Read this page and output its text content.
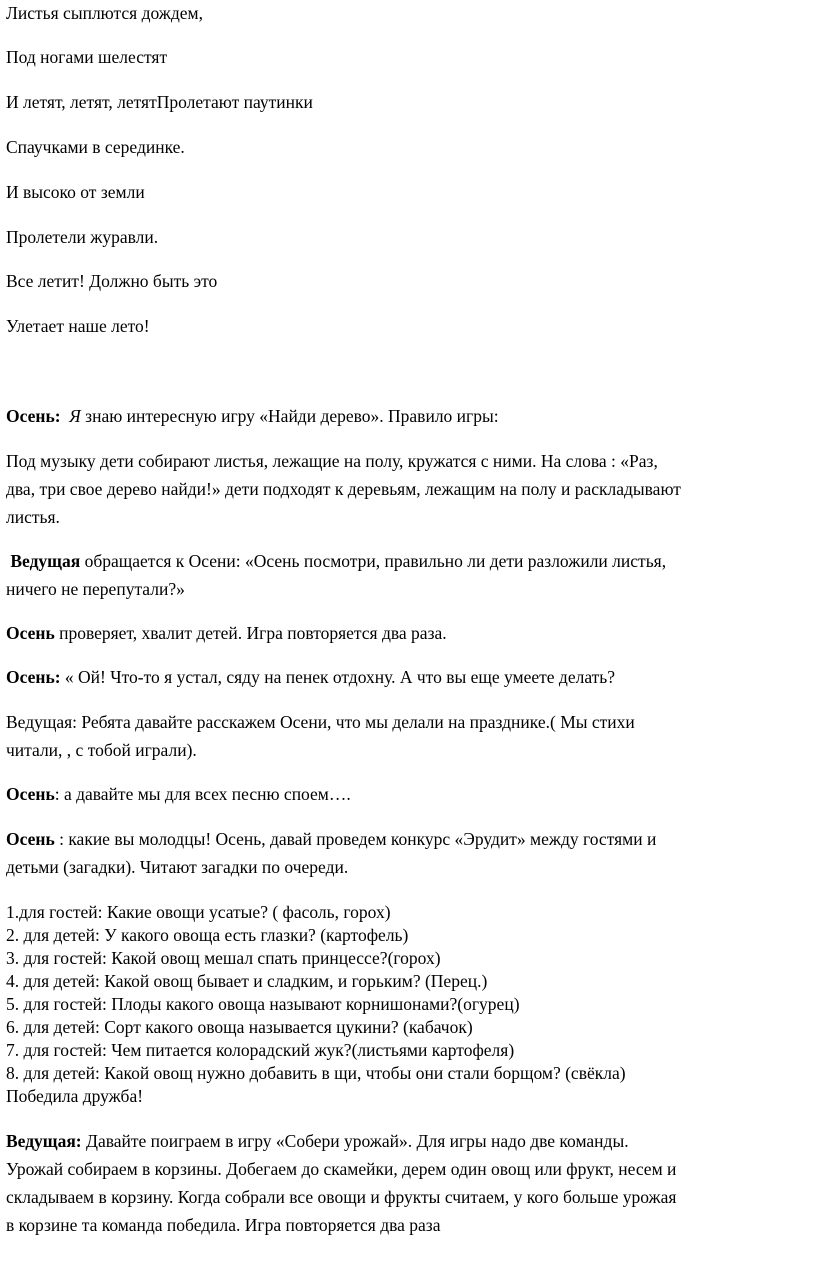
Листья сыплются дождем,
Под ногами шелестят
И летят, летят, летятПролетают паутинки
Спаучками в серединке.
И высоко от земли
Пролетели журавли.
Все летит! Должно быть это
Улетает наше лето!
Осень: Я знаю интересную игру «Найди дерево». Правило игры:
Под музыку дети собирают листья, лежащие на полу, кружатся с ними. На слова : «Раз,
два, три свое дерево найди!» дети подходят к деревьям, лежащим на полу и раскладывают
листья.
Ведущая обращается к Осени: «Осень посмотри, правильно ли дети разложили листья,
ничего не перепутали?»
Осень проверяет, хвалит детей. Игра повторяется два раза.
Осень: « Ой! Что-то я устал, сяду на пенек отдохну. А что вы еще умеете делать?
Ведущая: Ребята давайте расскажем Осени, что мы делали на празднике.( Мы стихи
читали, , с тобой играли).
Осень: а давайте мы для всех песню споем….
Осень : какие вы молодцы! Осень, давай проведем конкурс «Эрудит» между гостями и
детьми (загадки). Читают загадки по очереди.
1.для гостей: Какие овощи усатые? ( фасоль, горох)
2. для детей: У какого овоща есть глазки? (картофель)
3. для гостей: Какой овощ мешал спать принцессе?(горох)
4. для детей: Какой овощ бывает и сладким, и горьким? (Перец.)
5. для гостей: Плоды какого овоща называют корнишонами?(огурец)
6. для детей: Сорт какого овоща называется цукини? (кабачок)
7. для гостей: Чем питается колорадский жук?(листьями картофеля)
8. для детей: Какой овощ нужно добавить в щи, чтобы они стали борщом? (свёкла)
Победила дружба!
Ведущая: Давайте поиграем в игру «Собери урожай». Для игры надо две команды.
Урожай собираем в корзины. Добегаем до скамейки, дерем один овощ или фрукт, несем и
складываем в корзину. Когда собрали все овощи и фрукты считаем, у кого больше урожая
в корзине та команда победила. Игра повторяется два раза
